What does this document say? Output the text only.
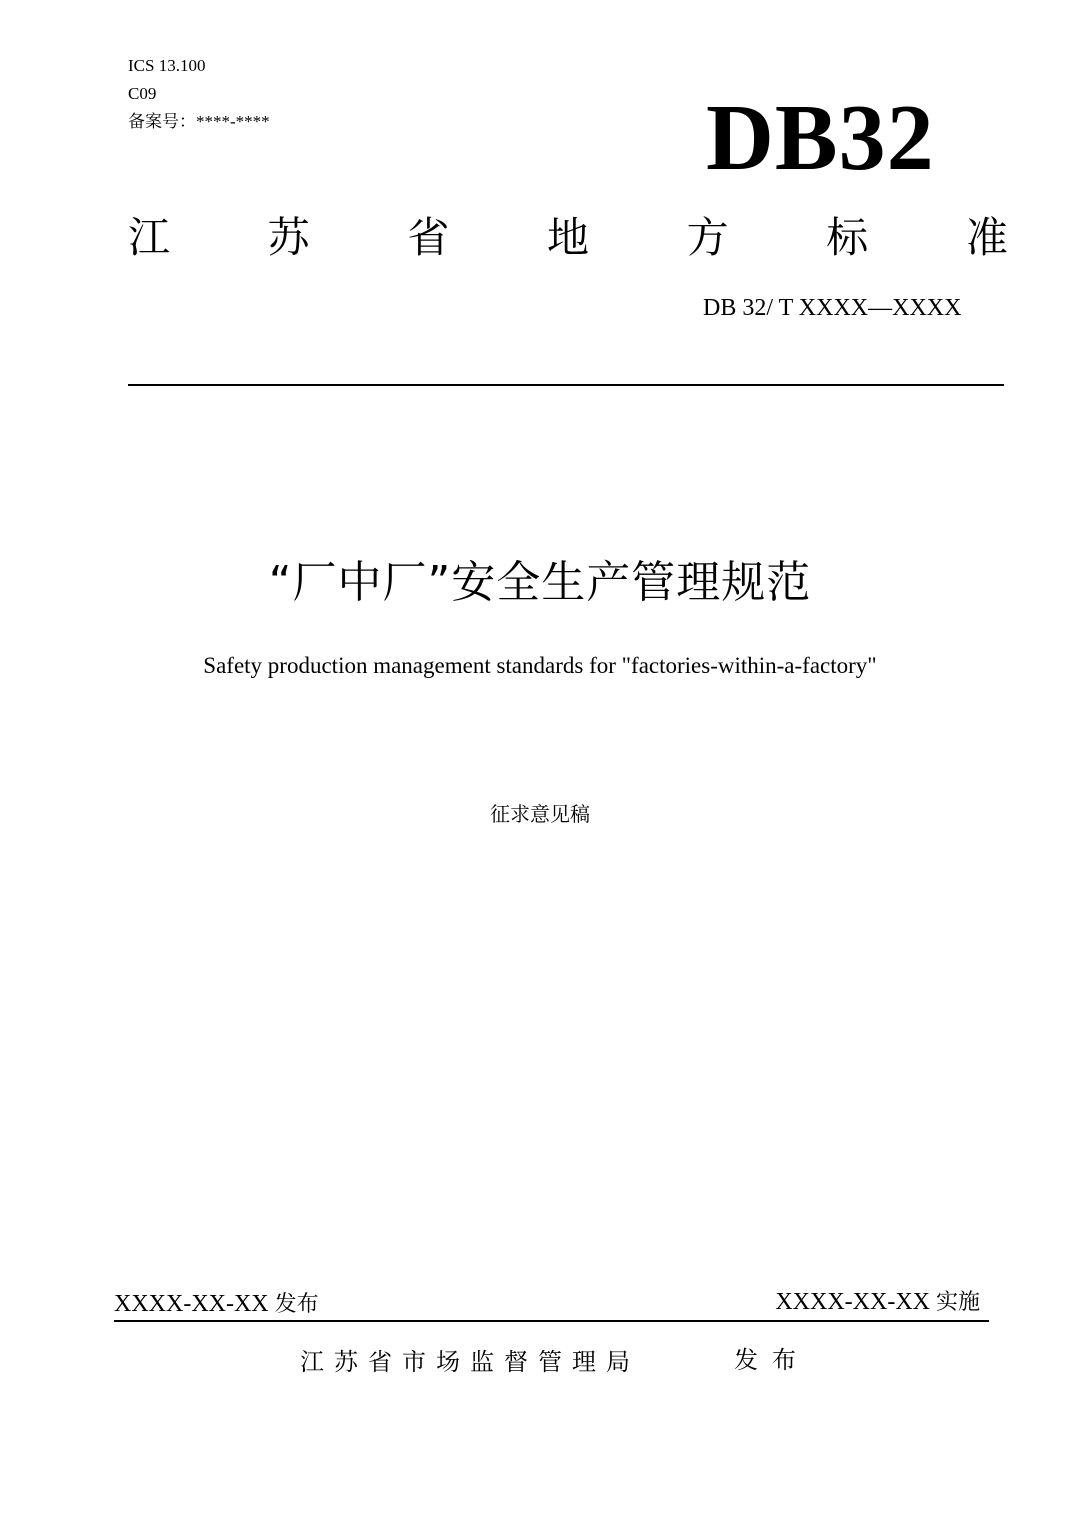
ICS 13.100
C09
备案号：****-****	DB32
江 苏 省 地 方 标 准
DB 32/ T XXXX—XXXX
“厂中厂”安全生产管理规范
Safety production management standards for "factories-within-a-factory"
征求意见稿
XXXX-XX-XX 发布	XXXX-XX-XX 实施
江苏省市场监督管理局	发布
